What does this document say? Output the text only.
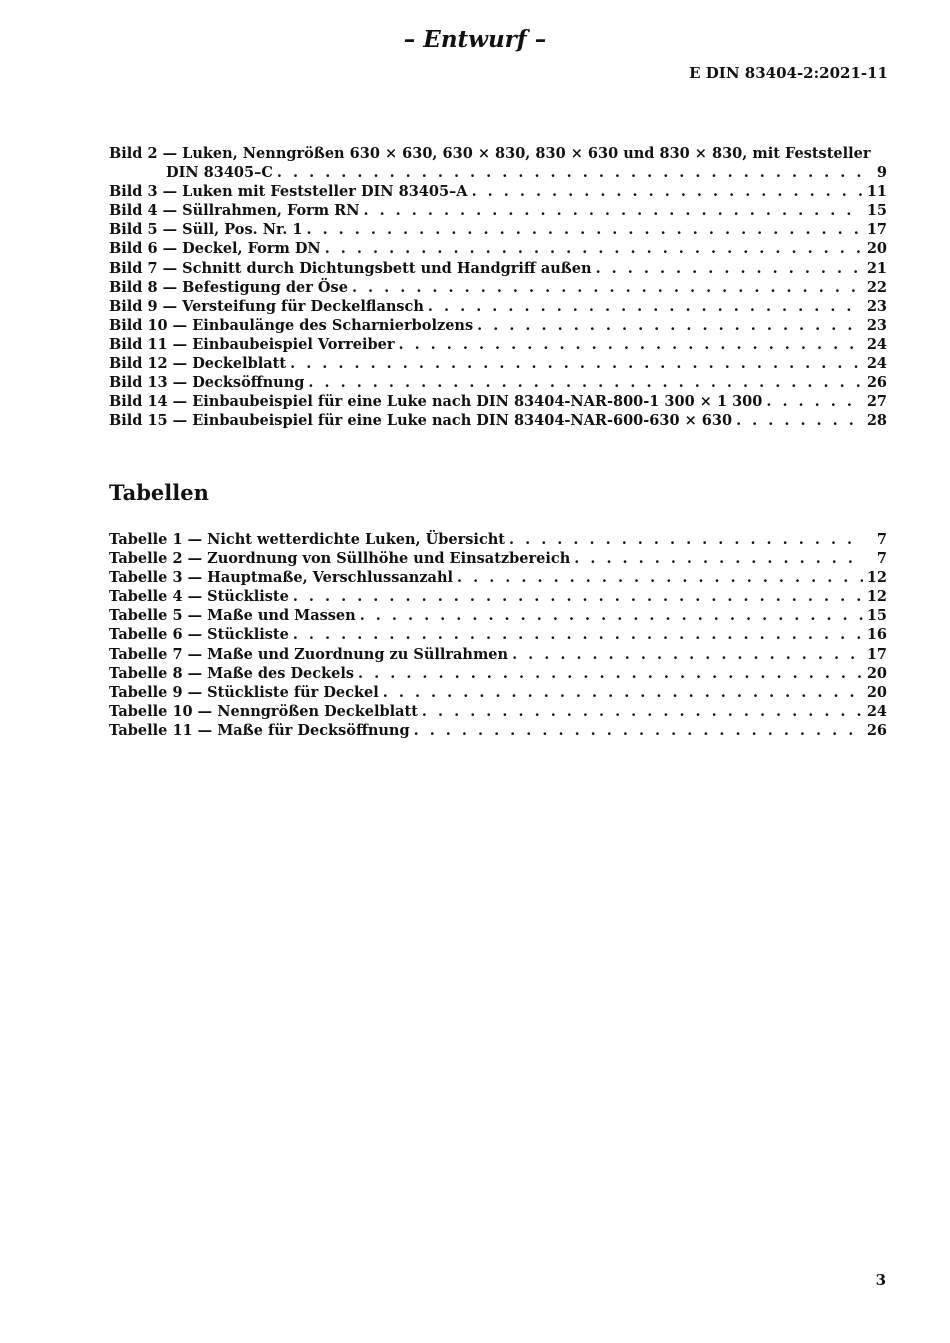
– Entwurf –
E DIN 83404-2:2021-11
Bild 2 — Luken, Nenngrößen 630 × 630, 630 × 830, 830 × 630 und 830 × 830, mit Feststeller
DIN 83405–C . . .	9
Bild 3 — Luken mit Feststeller DIN 83405–A . . .	11
Bild 4 — Süllrahmen, Form RN . . .	15
Bild 5 — Süll, Pos. Nr. 1 . . .	17
Bild 6 — Deckel, Form DN . . .	20
Bild 7 — Schnitt durch Dichtungsbett und Handgriff außen . . .	21
Bild 8 — Befestigung der Öse . . .	22
Bild 9 — Versteifung für Deckelflansch . . .	23
Bild 10 — Einbaulänge des Scharnierbolzens . . .	23
Bild 11 — Einbaubeispiel Vorreiber . . .	24
Bild 12 — Deckelblatt . . .	24
Bild 13 — Decksöffnung . . .	26
Bild 14 — Einbaubeispiel für eine Luke nach DIN 83404-NAR-800-1 300 × 1 300 . . .	27
Bild 15 — Einbaubeispiel für eine Luke nach DIN 83404-NAR-600-630 × 630 . . .	28
Tabellen
Tabelle 1 — Nicht wetterdichte Luken, Übersicht . . .	7
Tabelle 2 — Zuordnung von Süllhöhe und Einsatzbereich . . .	7
Tabelle 3 — Hauptmaße, Verschlussanzahl . . .	12
Tabelle 4 — Stückliste . . .	12
Tabelle 5 — Maße und Massen . . .	15
Tabelle 6 — Stückliste . . .	16
Tabelle 7 — Maße und Zuordnung zu Süllrahmen . . .	17
Tabelle 8 — Maße des Deckels . . .	20
Tabelle 9 — Stückliste für Deckel . . .	20
Tabelle 10 — Nenngrößen Deckelblatt . . .	24
Tabelle 11 — Maße für Decksöffnung . . .	26
3
